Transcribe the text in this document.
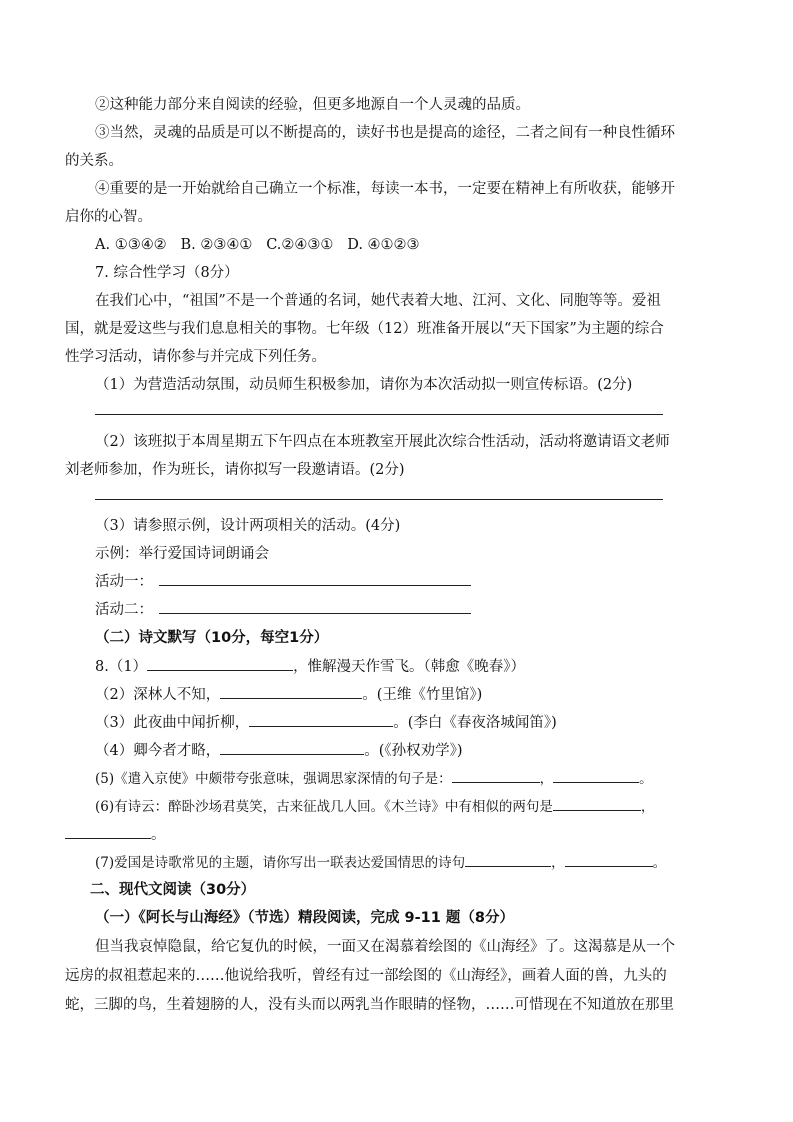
②这种能力部分来自阅读的经验，但更多地源自一个人灵魂的品质。
③当然，灵魂的品质是可以不断提高的，读好书也是提高的途径，二者之间有一种良性循环
的关系。
④重要的是一开始就给自己确立一个标准，每读一本书，一定要在精神上有所收获，能够开
启你的心智。
A. ①③④②   B. ②③④①   C.②④③①   D. ④①②③
7. 综合性学习（8分）
在我们心中，“祖国”不是一个普通的名词，她代表着大地、江河、文化、同胞等等。爱祖
国，就是爱这些与我们息息相关的事物。七年级（12）班准备开展以“天下国家”为主题的综合
性学习活动，请你参与并完成下列任务。
（1）为营造活动氛围，动员师生积极参加，请你为本次活动拟一则宣传标语。(2分)
（2）该班拟于本周星期五下午四点在本班教室开展此次综合性活动，活动将邀请语文老师
刘老师参加，作为班长，请你拟写一段邀请语。(2分)
（3）请参照示例，设计两项相关的活动。(4分)
示例：举行爱国诗词朗诵会
活动一：
活动二：
（二）诗文默写（10分，每空1分）
8.（1）	，惟解漫天作雪飞。（韩愈《晚春》）
（2）深林人不知，	。(王维《竹里馆》)
（3）此夜曲中闻折柳，	。(李白《春夜洛城闻笛》)
（4）卿今者才略，	。(《孙权劝学》)
(5)《遣入京使》中颇带夸张意味，强调思家深情的句子是：	，	。
(6)有诗云：醉卧沙场君莫笑，古来征战几人回。《木兰诗》中有相似的两句是	，
。
(7)爱国是诗歌常见的主题，请你写出一联表达爱国情思的诗句	，	。
二、现代文阅读（30分）
（一）《阿长与山海经》（节选）精段阅读，完成 9-11 题（8分）
但当我哀悼隐鼠，给它复仇的时候，一面又在渴慕着绘图的《山海经》了。这渴慕是从一个
远房的叔祖惹起来的……他说给我听，曾经有过一部绘图的《山海经》，画着人面的兽，九头的
蛇，三脚的鸟，生着翅膀的人，没有头而以两乳当作眼睛的怪物，……可惜现在不知道放在那里
